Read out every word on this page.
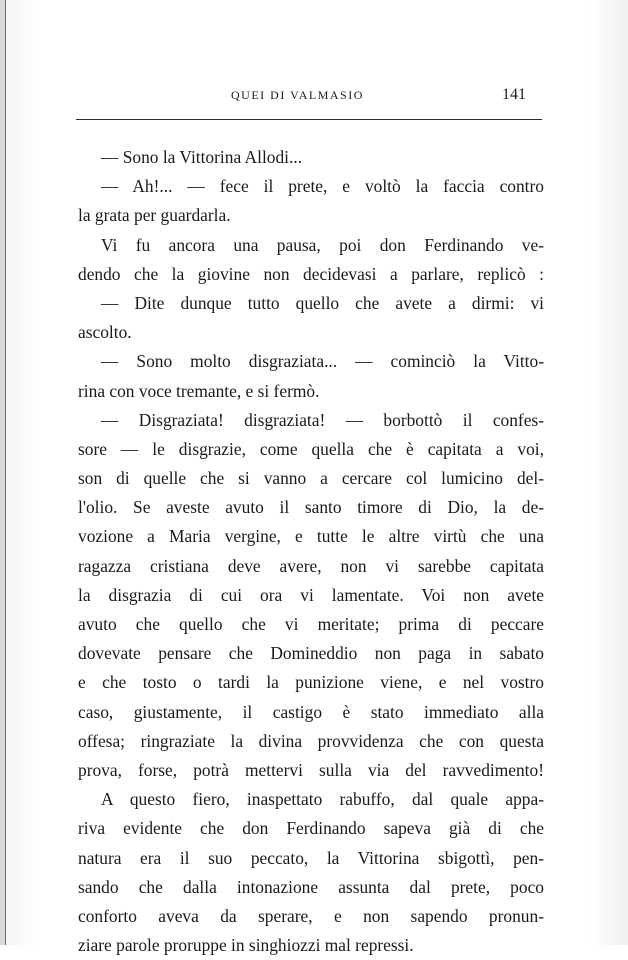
QUEI DI VALMASIO	141
— Sono la Vittorina Allodi...
— Ah!... — fece il prete, e voltò la faccia contro
la grata per guardarla.
Vi fu ancora una pausa, poi don Ferdinando ve-
dendo che la giovine non decidevasi a parlare, replicò :
— Dite dunque tutto quello che avete a dirmi: vi
ascolto.
— Sono molto disgraziata... — cominciò la Vitto-
rina con voce tremante, e si fermò.
— Disgraziata! disgraziata! — borbottò il confes-
sore — le disgrazie, come quella che è capitata a voi,
son di quelle che si vanno a cercare col lumicino del-
l'olio. Se aveste avuto il santo timore di Dio, la de-
vozione a Maria vergine, e tutte le altre virtù che una
ragazza cristiana deve avere, non vi sarebbe capitata
la disgrazia di cui ora vi lamentate. Voi non avete
avuto che quello che vi meritate; prima di peccare
dovevate pensare che Domineddio non paga in sabato
e che tosto o tardi la punizione viene, e nel vostro
caso, giustamente, il castigo è stato immediato alla
offesa; ringraziate la divina provvidenza che con questa
prova, forse, potrà mettervi sulla via del ravvedimento!
A questo fiero, inaspettato rabuffo, dal quale appa-
riva evidente che don Ferdinando sapeva già di che
natura era il suo peccato, la Vittorina sbigottì, pen-
sando che dalla intonazione assunta dal prete, poco
conforto aveva da sperare, e non sapendo pronun-
ziare parole proruppe in singhiozzi mal repressi.
